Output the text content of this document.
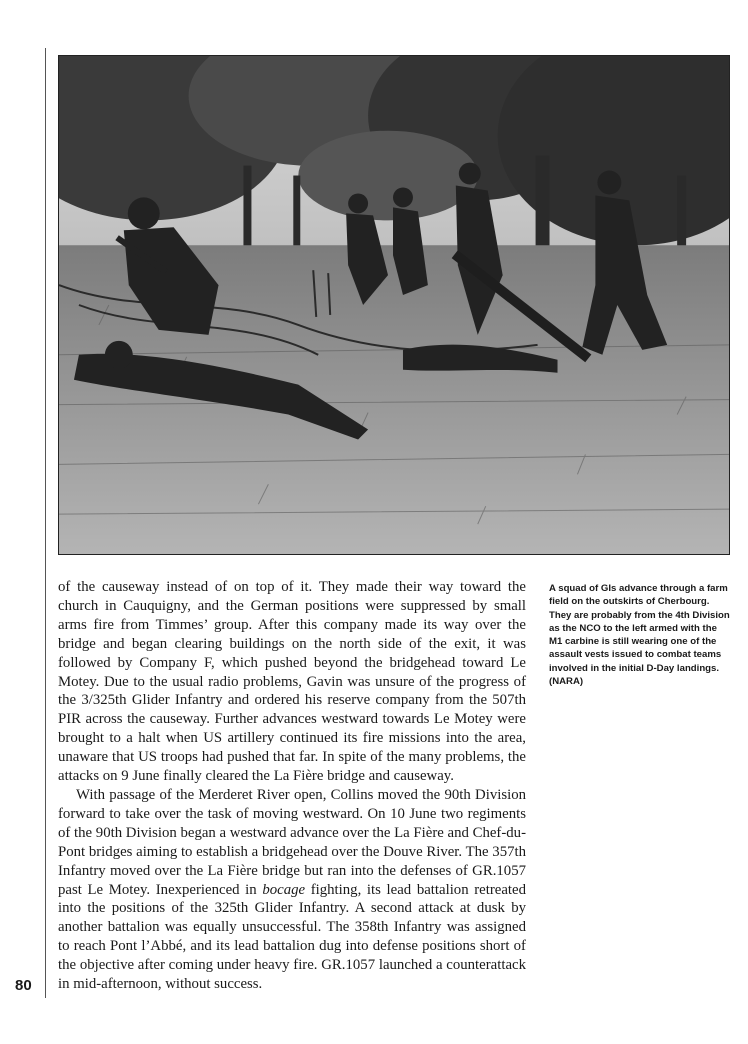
of the causeway instead of on top of it. They made their way toward the church in Cauquigny, and the German positions were suppressed by small arms fire from Timmes’ group. After this company made its way over the bridge and began clearing buildings on the north side of the exit, it was followed by Company F, which pushed beyond the bridgehead toward Le Motey. Due to the usual radio problems, Gavin was unsure of the progress of the 3/325th Glider Infantry and ordered his reserve company from the 507th PIR across the causeway. Further advances westward towards Le Motey were brought to a halt when US artillery continued its fire missions into the area, unaware that US troops had pushed that far. In spite of the many problems, the attacks on 9 June finally cleared the La Fière bridge and causeway.

With passage of the Merderet River open, Collins moved the 90th Division forward to take over the task of moving westward. On 10 June two regiments of the 90th Division began a westward advance over the La Fière and Chef-du-Pont bridges aiming to establish a bridgehead over the Douve River. The 357th Infantry moved over the La Fière bridge but ran into the defenses of GR.1057 past Le Motey. Inexperienced in bocage fighting, its lead battalion retreated into the positions of the 325th Glider Infantry. A second attack at dusk by another battalion was equally unsuccessful. The 358th Infantry was assigned to reach Pont l’Abbé, and its lead battalion dug into defense positions short of the objective after coming under heavy fire. GR.1057 launched a counterattack in mid-afternoon, without success.

A squad of GIs advance through a farm field on the outskirts of Cherbourg. They are probably from the 4th Division as the NCO to the left armed with the M1 carbine is still wearing one of the assault vests issued to combat teams involved in the initial D-Day landings. (NARA)
80
